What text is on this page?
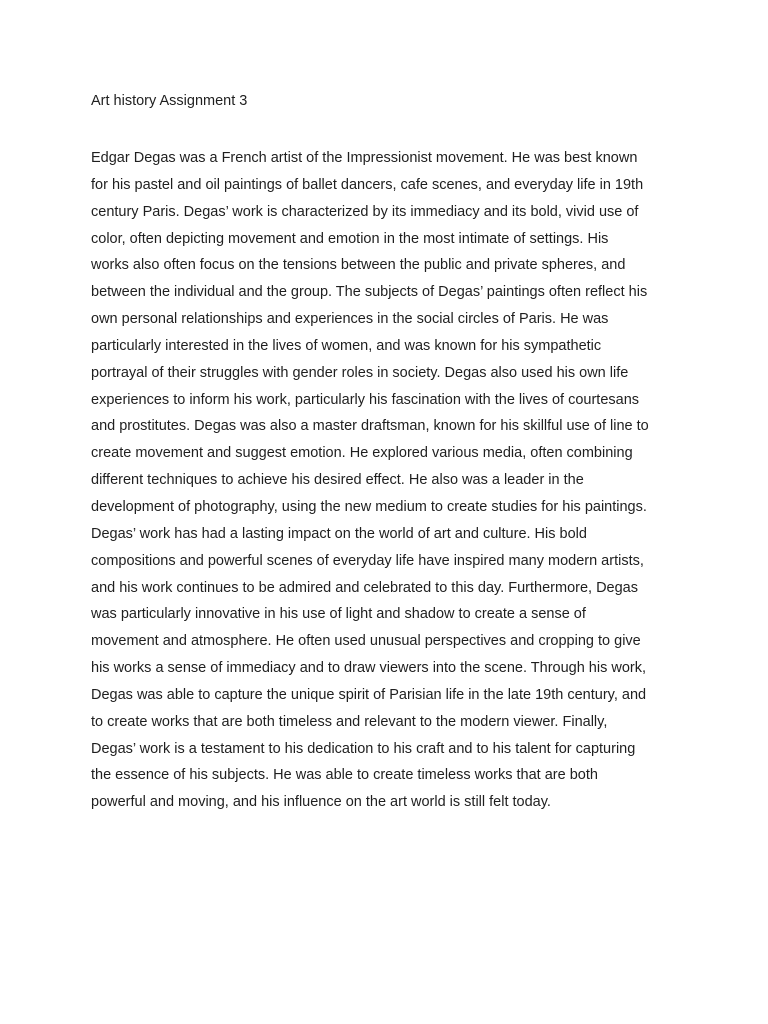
Art history Assignment 3
Edgar Degas was a French artist of the Impressionist movement. He was best known
for his pastel and oil paintings of ballet dancers, cafe scenes, and everyday life in 19th
century Paris. Degas’ work is characterized by its immediacy and its bold, vivid use of
color, often depicting movement and emotion in the most intimate of settings. His
works also often focus on the tensions between the public and private spheres, and
between the individual and the group. The subjects of Degas’ paintings often reflect his
own personal relationships and experiences in the social circles of Paris. He was
particularly interested in the lives of women, and was known for his sympathetic
portrayal of their struggles with gender roles in society. Degas also used his own life
experiences to inform his work, particularly his fascination with the lives of courtesans
and prostitutes. Degas was also a master draftsman, known for his skillful use of line to
create movement and suggest emotion. He explored various media, often combining
different techniques to achieve his desired effect. He also was a leader in the
development of photography, using the new medium to create studies for his paintings.
Degas’ work has had a lasting impact on the world of art and culture. His bold
compositions and powerful scenes of everyday life have inspired many modern artists,
and his work continues to be admired and celebrated to this day. Furthermore, Degas
was particularly innovative in his use of light and shadow to create a sense of
movement and atmosphere. He often used unusual perspectives and cropping to give
his works a sense of immediacy and to draw viewers into the scene. Through his work,
Degas was able to capture the unique spirit of Parisian life in the late 19th century, and
to create works that are both timeless and relevant to the modern viewer. Finally,
Degas’ work is a testament to his dedication to his craft and to his talent for capturing
the essence of his subjects. He was able to create timeless works that are both
powerful and moving, and his influence on the art world is still felt today.
